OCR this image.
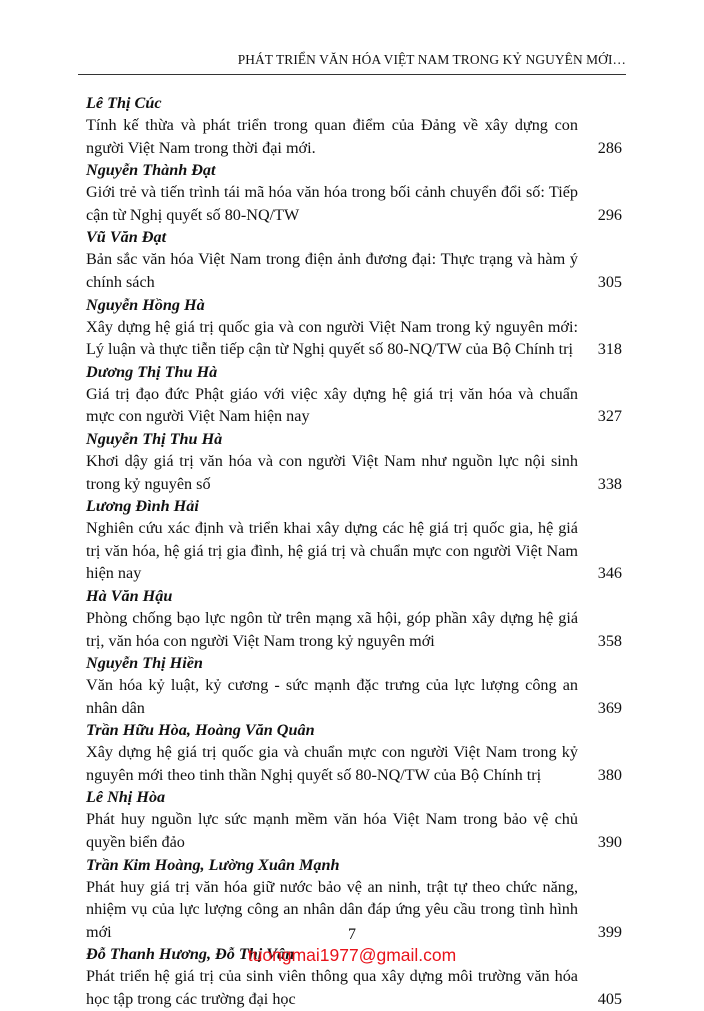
PHÁT TRIỂN VĂN HÓA VIỆT NAM TRONG KỶ NGUYÊN MỚI…
Lê Thị Cúc
Tính kế thừa và phát triển trong quan điểm của Đảng về xây dựng con người Việt Nam trong thời đại mới.	286
Nguyễn Thành Đạt
Giới trẻ và tiến trình tái mã hóa văn hóa trong bối cảnh chuyển đổi số: Tiếp cận từ Nghị quyết số 80-NQ/TW	296
Vũ Văn Đạt
Bản sắc văn hóa Việt Nam trong điện ảnh đương đại: Thực trạng và hàm ý chính sách	305
Nguyễn Hồng Hà
Xây dựng hệ giá trị quốc gia và con người Việt Nam trong kỷ nguyên mới: Lý luận và thực tiễn tiếp cận từ Nghị quyết số 80-NQ/TW của Bộ Chính trị	318
Dương Thị Thu Hà
Giá trị đạo đức Phật giáo với việc xây dựng hệ giá trị văn hóa và chuẩn mực con người Việt Nam hiện nay	327
Nguyễn Thị Thu Hà
Khơi dậy giá trị văn hóa và con người Việt Nam như nguồn lực nội sinh trong kỷ nguyên số	338
Lương Đình Hải
Nghiên cứu xác định và triển khai xây dựng các hệ giá trị quốc gia, hệ giá trị văn hóa, hệ giá trị gia đình, hệ giá trị và chuẩn mực con người Việt Nam hiện nay	346
Hà Văn Hậu
Phòng chống bạo lực ngôn từ trên mạng xã hội, góp phần xây dựng hệ giá trị, văn hóa con người Việt Nam trong kỷ nguyên mới	358
Nguyễn Thị Hiền
Văn hóa kỷ luật, kỷ cương - sức mạnh đặc trưng của lực lượng công an nhân dân	369
Trần Hữu Hòa, Hoàng Văn Quân
Xây dựng hệ giá trị quốc gia và chuẩn mực con người Việt Nam trong kỷ nguyên mới theo tinh thần Nghị quyết số 80-NQ/TW của Bộ Chính trị	380
Lê Nhị Hòa
Phát huy nguồn lực sức mạnh mềm văn hóa Việt Nam trong bảo vệ chủ quyền biển đảo	390
Trần Kim Hoàng, Lường Xuân Mạnh
Phát huy giá trị văn hóa giữ nước bảo vệ an ninh, trật tự theo chức năng, nhiệm vụ của lực lượng công an nhân dân đáp ứng yêu cầu trong tình hình mới	399
Đỗ Thanh Hương, Đỗ Thị Vân
Phát triển hệ giá trị của sinh viên thông qua xây dựng môi trường văn hóa học tập trong các trường đại học	405
7
tuongmai1977@gmail.com
